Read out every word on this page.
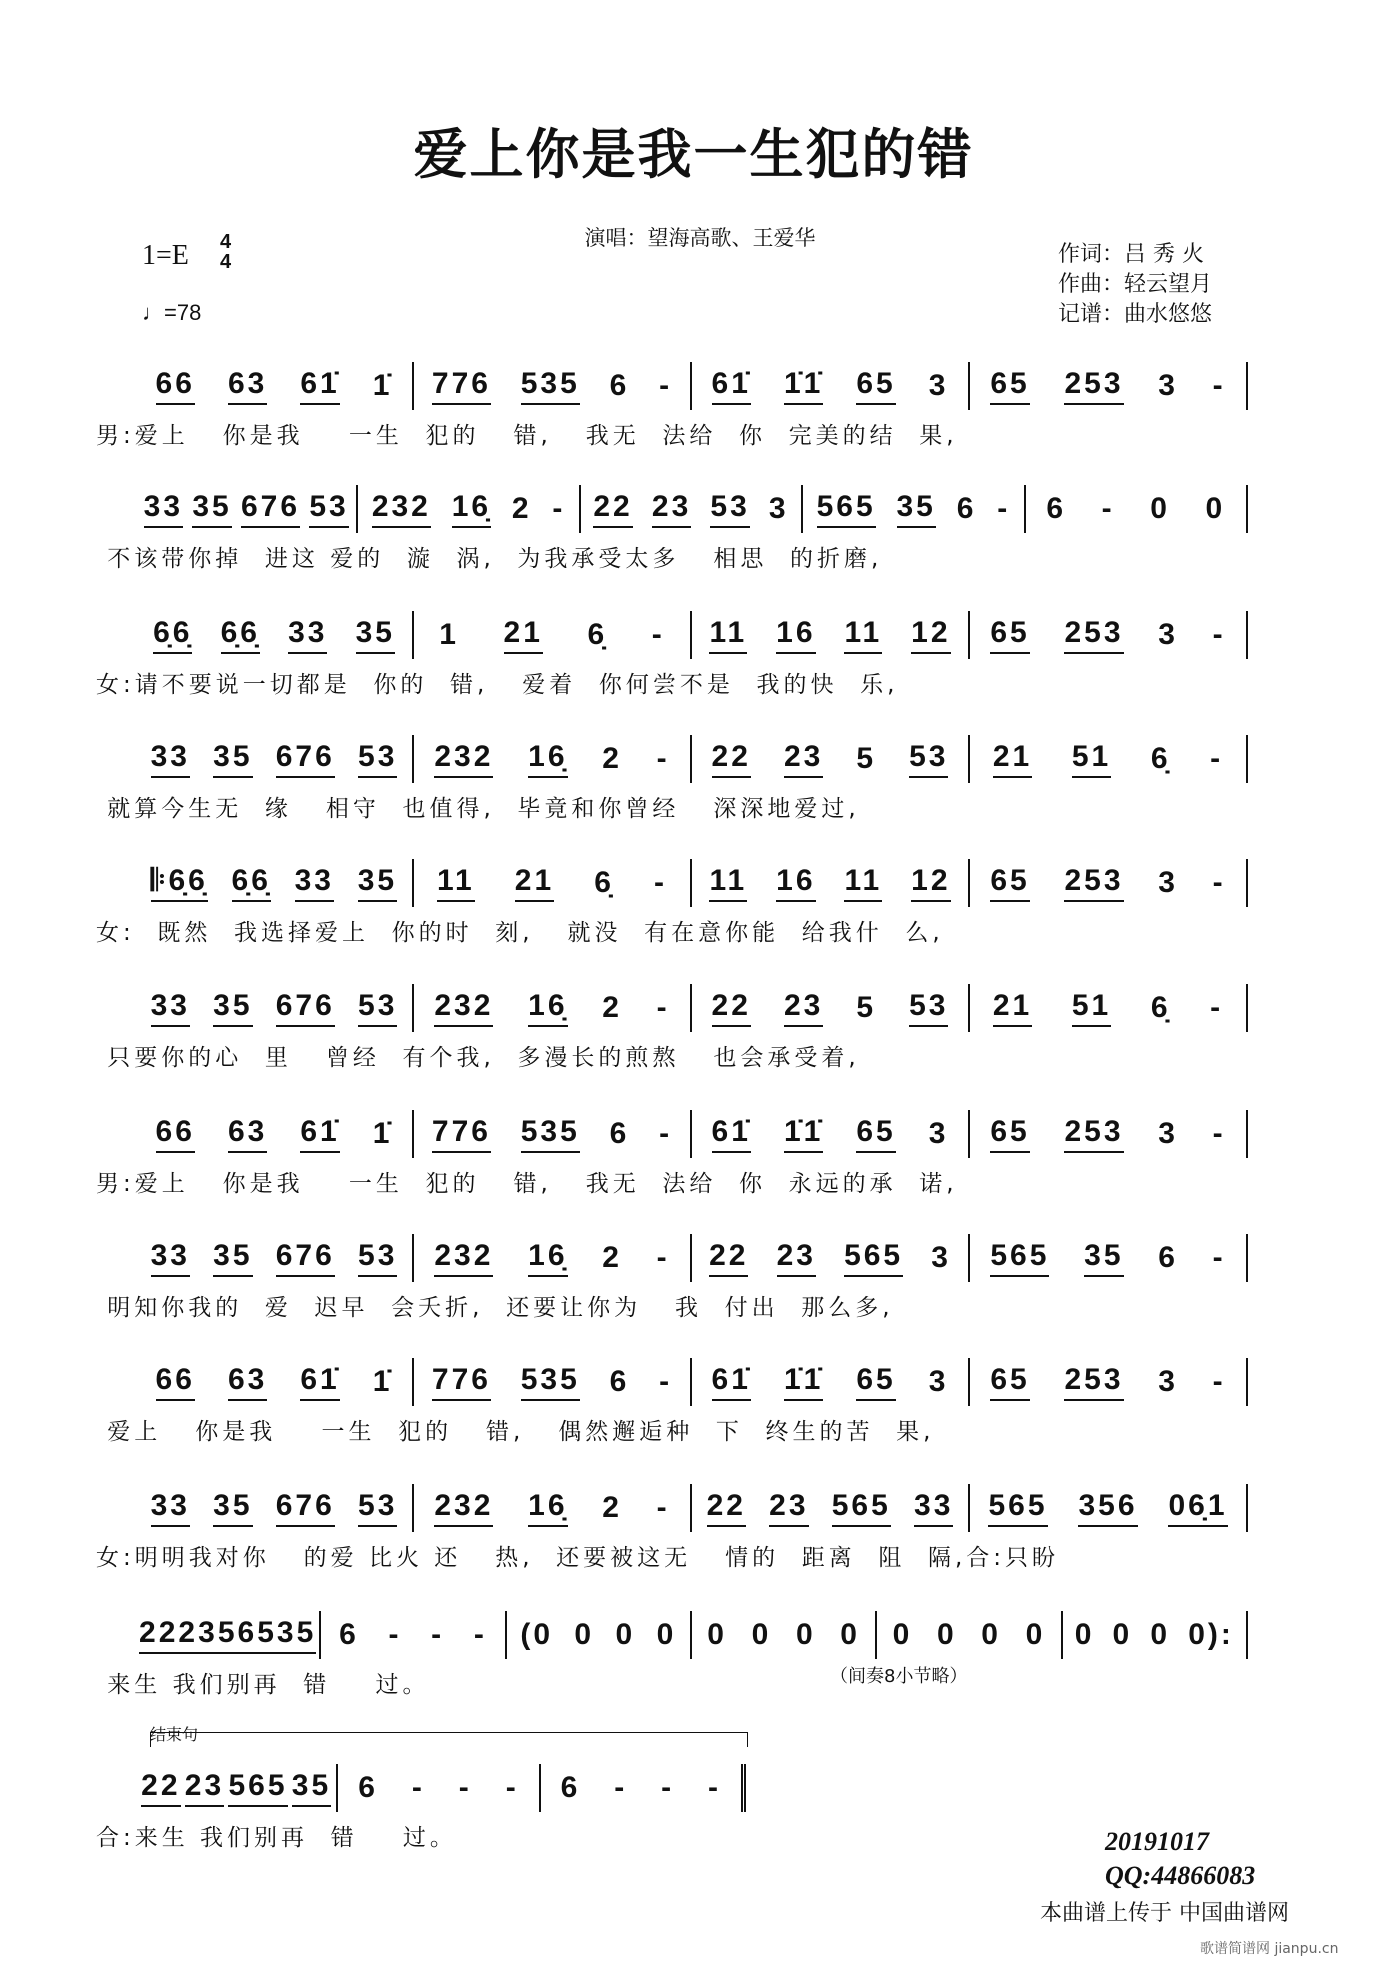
爱上你是我一生犯的错
演唱：望海高歌、王爱华
1=E 4
4
♩=78
作词：吕 秀 火
作曲：轻云望月
记谱：曲水悠悠
66 63 61̇ 1̇ 776 535 6 - 61̇ 1̇1̇ 65 3 65 253 3 -
男:爱上   你是我    一生  犯的   错,   我无  法给  你  完美的结  果,
33 35 676 53 232 16̣ 2 - 22 23 53 3 565 35 6 - 6 - 0 0
不该带你掉  进这 爱的  漩  涡,  为我承受太多   相思  的折磨,
6̣6̣ 6̣6̣ 33 35 1 21 6̣ - 11 16 11 12 65 253 3 -
女:请不要说一切都是  你的  错,   爱着  你何尝不是  我的快  乐,
33 35 676 53 232 16̣ 2 - 22 23 5 53 21 51 6̣ -
就算今生无  缘   相守  也值得,  毕竟和你曾经   深深地爱过,
𝄆6̣6̣ 6̣6̣ 33 35 11 21 6̣ - 11 16 11 12 65 253 3 -
女:  既然  我选择爱上  你的时  刻,   就没  有在意你能  给我什  么,
33 35 676 53 232 16̣ 2 - 22 23 5 53 21 51 6̣ -
只要你的心  里   曾经  有个我,  多漫长的煎熬   也会承受着,
66 63 61̇ 1̇ 776 535 6 - 61̇ 1̇1̇ 65 3 65 253 3 -
男:爱上   你是我    一生  犯的   错,   我无  法给  你  永远的承  诺,
33 35 676 53 232 16̣ 2 - 22 23 565 3 565 35 6 -
明知你我的  爱  迟早  会夭折,  还要让你为   我  付出  那么多,
66 63 61̇ 1̇ 776 535 6 - 61̇ 1̇1̇ 65 3 65 253 3 -
爱上   你是我    一生  犯的   错,   偶然邂逅种  下  终生的苦  果,
33 35 676 53 232 16̣ 2 - 22 23 565 33 565 356 06̣1
女:明明我对你   的爱 比火 还   热,  还要被这无   情的  距离  阻  隔,合:只盼
22 23 565 35 6 - - - (0 0 0 0 0 0 0 0 0 0 0 0 0 0 0 0):
来生 我们别再  错    过。
22 23 565 35 6 - - - 6 - - -
合:来生 我们别再  错    过。
（间奏8小节略）
结束句
20191017
QQ:44866083
本曲谱上传于 中国曲谱网
歌谱简谱网 jianpu.cn
